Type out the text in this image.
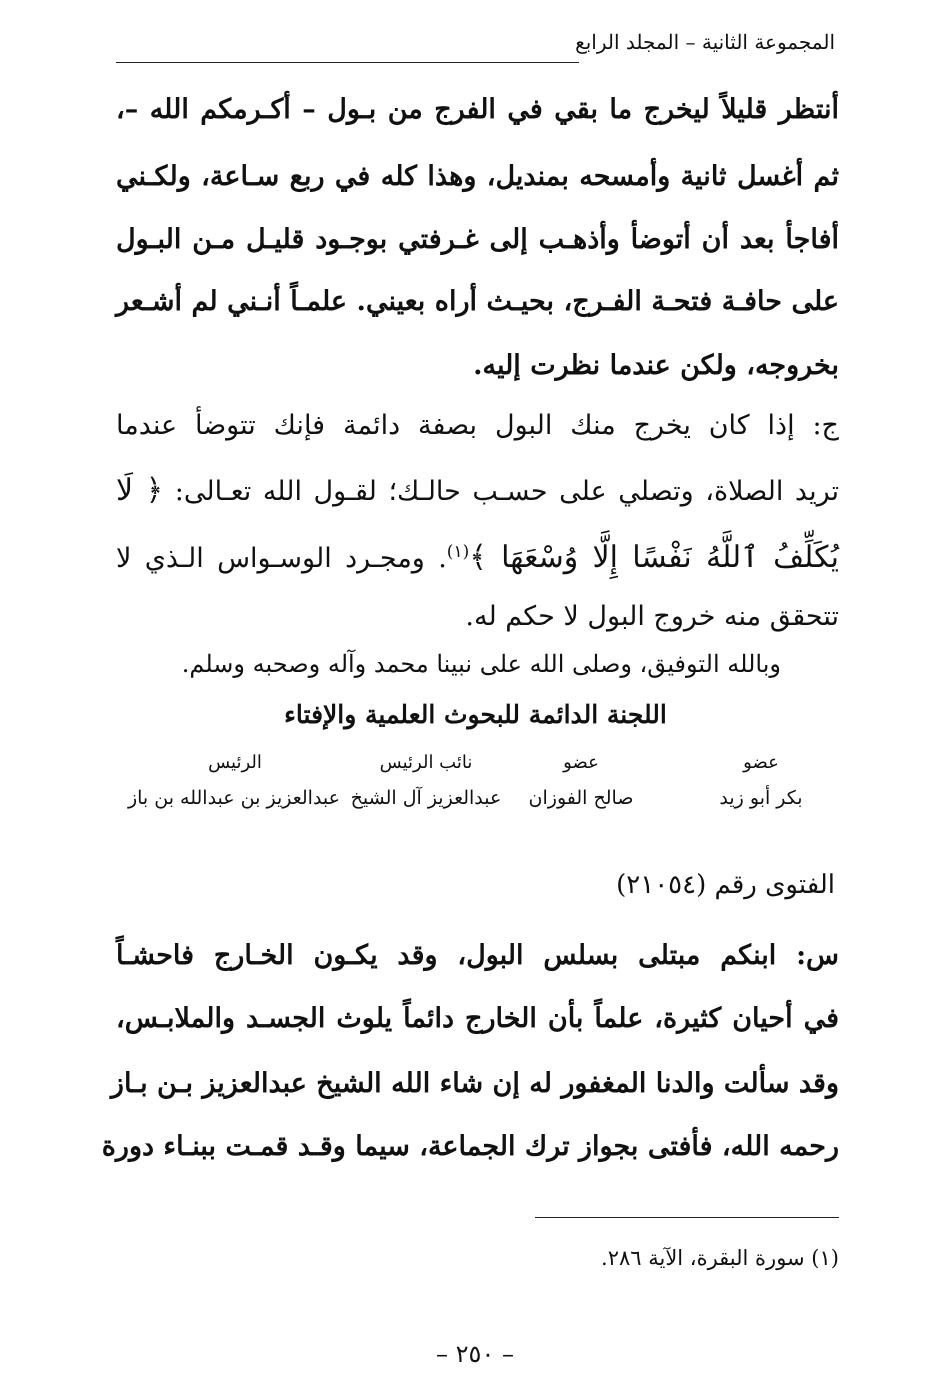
المجموعة الثانية – المجلد الرابع
أنتظر قليلاً ليخرج ما بقي في الفرج من بـول – أكـرمكم الله –،
ثم أغسل ثانية وأمسحه بمنديل، وهذا كله في ربع سـاعة، ولكـني
أفاجأ بعد أن أتوضأ وأذهـب إلى غـرفتي بوجـود قليـل مـن البـول
على حافـة فتحـة الفـرج، بحيـث أراه بعيني. علمـاً أنـني لم أشـعر
بخروجه، ولكن عندما نظرت إليه.
ج: إذا كان يخرج منك البول بصفة دائمة فإنك تتوضأ عندما
تريد الصلاة، وتصلي على حسـب حالـك؛ لقـول الله تعـالى: ﴿ لَا
يُكَلِّفُ ٱللَّهُ نَفْسًا إِلَّا وُسْعَهَا ﴾$^{(١)}$. ومجـرد الوسـواس الـذي لا
تتحقق منه خروج البول لا حكم له.
وبالله التوفيق، وصلى الله على نبينا محمد وآله وصحبه وسلم.
اللجنة الدائمة للبحوث العلمية والإفتاء
عضو
بكر أبو زيد
عضو
صالح الفوزان
نائب الرئيس
عبدالعزيز آل الشيخ
الرئيس
عبدالعزيز بن عبدالله بن باز
الفتوى رقم (٢١٠٥٤)
س: ابنكم مبتلى بسلس البول، وقد يكـون الخـارج فاحشـاً
في أحيان كثيرة، علماً بأن الخارج دائماً يلوث الجسـد والملابـس،
وقد سألت والدنا المغفور له إن شاء الله الشيخ عبدالعزيز بـن بـاز
رحمه الله، فأفتى بجواز ترك الجماعة، سيما وقـد قمـت ببنـاء دورة
(١) سورة البقرة، الآية ٢٨٦.
– ٢٥٠ –
